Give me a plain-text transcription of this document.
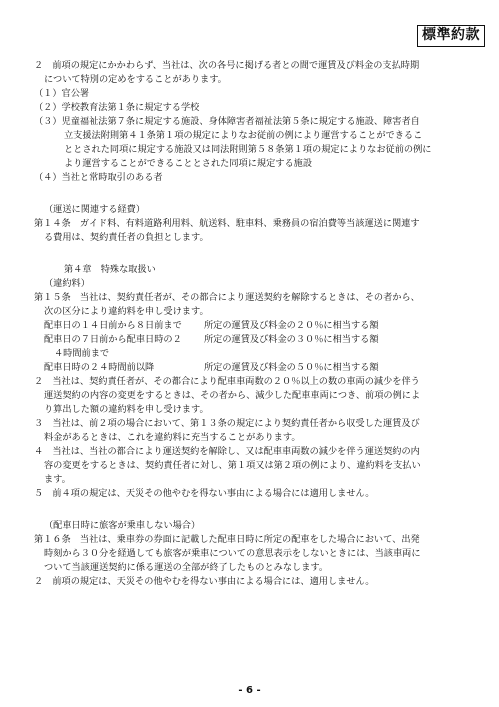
標準約款
２　前項の規定にかかわらず、当社は、次の各号に掲げる者との間で運賃及び料金の支払時期
について特別の定めをすることがあります。
（１）官公署
（２）学校教育法第１条に規定する学校
（３）児童福祉法第７条に規定する施設、身体障害者福祉法第５条に規定する施設、障害者自
立支援法附則第４１条第１項の規定によりなお従前の例により運営することができるこ
ととされた同項に規定する施設又は同法附則第５８条第１項の規定によりなお従前の例に
より運営することができることとされた同項に規定する施設
（４）当社と常時取引のある者
（運送に関連する経費）
第１４条　ガイド料、有料道路利用料、航送料、駐車料、乗務員の宿泊費等当該運送に関連す
る費用は、契約責任者の負担とします。
第４章　特殊な取扱い
（違約料）
第１５条　当社は、契約責任者が、その都合により運送契約を解除するときは、その者から、
次の区分により違約料を申し受けます。
配車日の１４日前から８日前まで	所定の運賃及び料金の２０％に相当する額
配車日の７日前から配車日時の２	所定の運賃及び料金の３０％に相当する額
４時間前まで
配車日時の２４時間前以降	所定の運賃及び料金の５０％に相当する額
２　当社は、契約責任者が、その都合により配車車両数の２０％以上の数の車両の減少を伴う
運送契約の内容の変更をするときは、その者から、減少した配車車両につき、前項の例によ
り算出した額の違約料を申し受けます。
３　当社は、前２項の場合において、第１３条の規定により契約責任者から収受した運賃及び
料金があるときは、これを違約料に充当することがあります。
４　当社は、当社の都合により運送契約を解除し、又は配車車両数の減少を伴う運送契約の内
容の変更をするときは、契約責任者に対し、第１項又は第２項の例により、違約料を支払い
ます。
５　前４項の規定は、天災その他やむを得ない事由による場合には適用しません。
（配車日時に旅客が乗車しない場合）
第１６条　当社は、乗車券の券面に記載した配車日時に所定の配車をした場合において、出発
時刻から３０分を経過しても旅客が乗車についての意思表示をしないときには、当該車両に
ついて当該運送契約に係る運送の全部が終了したものとみなします。
２　前項の規定は、天災その他やむを得ない事由による場合には、適用しません。
- 6 -
